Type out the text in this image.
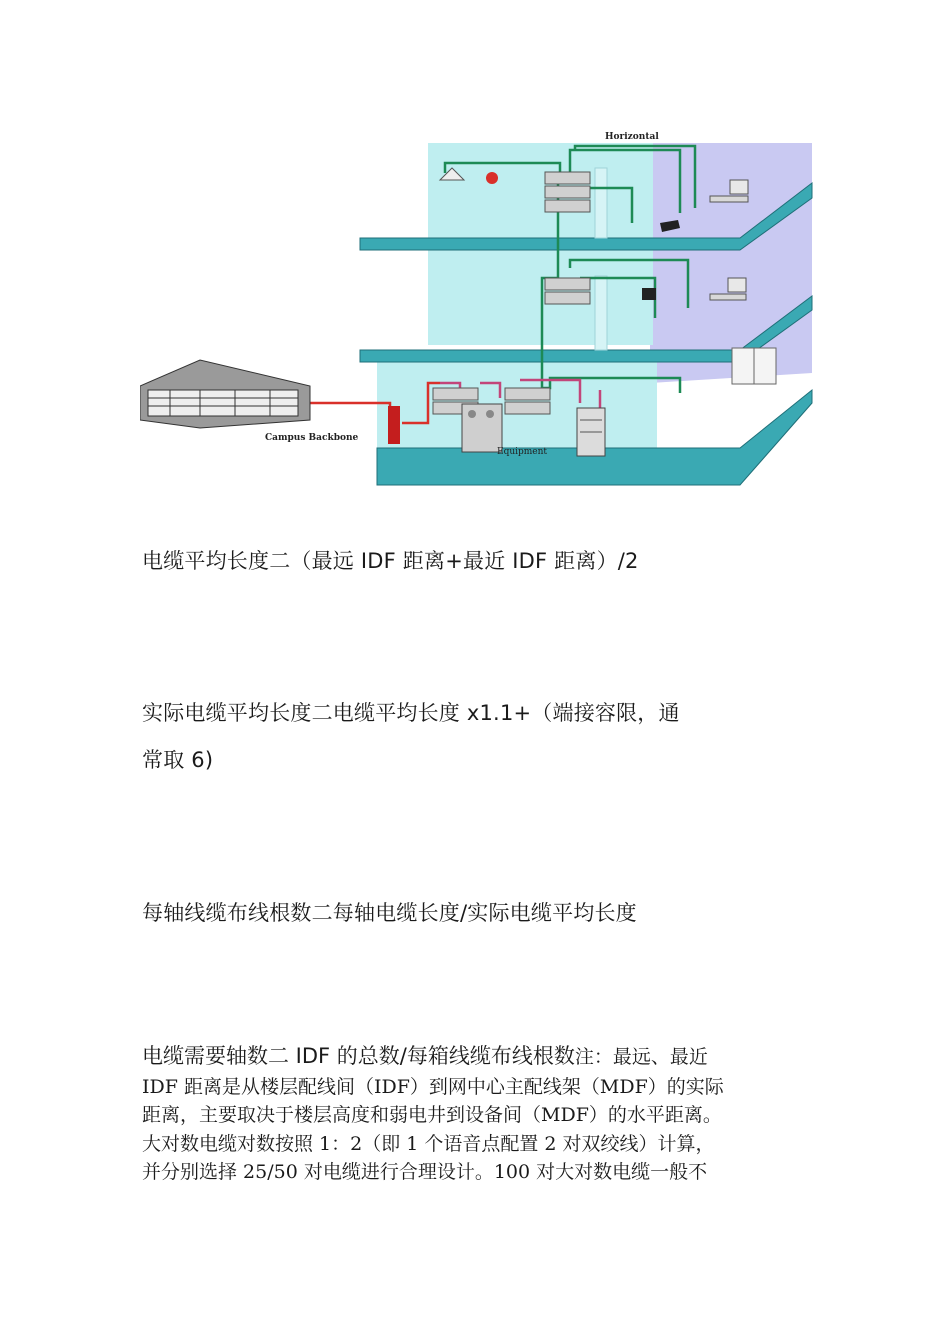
Horizontal
Campus Backbone
Equipment
电缆平均长度二（最远 IDF 距离+最近 IDF 距离）/2
实际电缆平均长度二电缆平均长度 x1.1+（端接容限，通
常取 6)
每轴线缆布线根数二每轴电缆长度/实际电缆平均长度
电缆需要轴数二 IDF 的总数/每箱线缆布线根数注：最远、最近
IDF 距离是从楼层配线间（IDF）到网中心主配线架（MDF）的实际
距离，主要取决于楼层高度和弱电井到设备间（MDF）的水平距离。
大对数电缆对数按照 1：2（即 1 个语音点配置 2 对双绞线）计算，
并分别选择 25/50 对电缆进行合理设计。100 对大对数电缆一般不
